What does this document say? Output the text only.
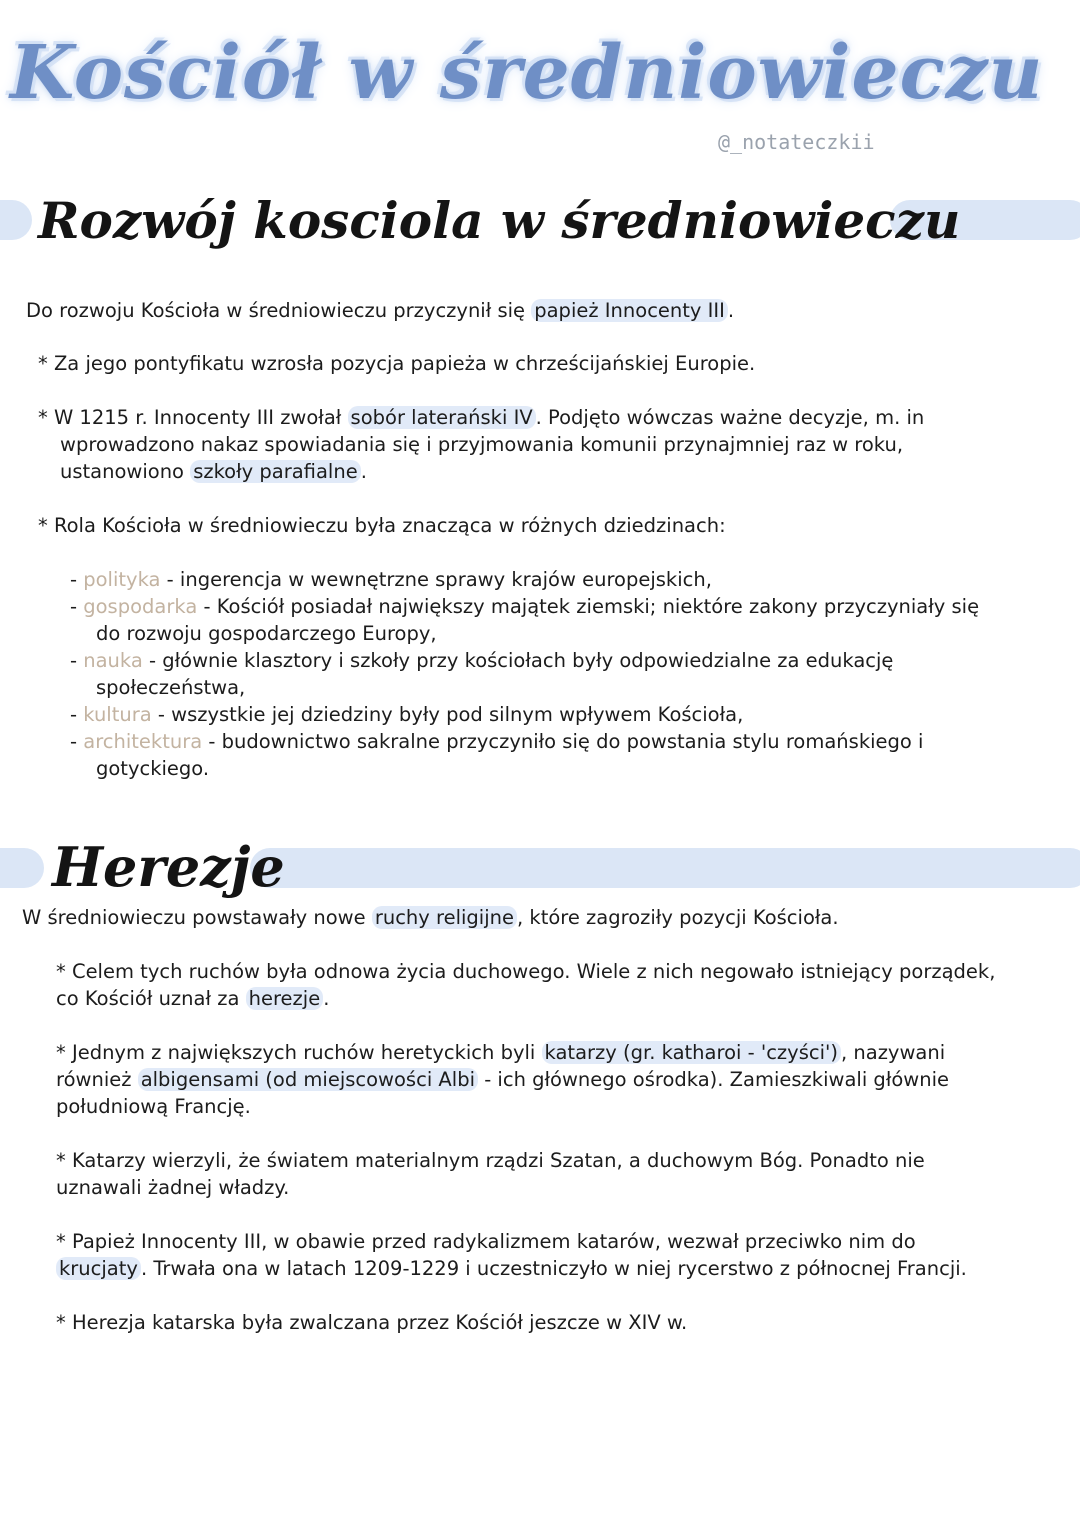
Kościół w średniowieczu
@_notateczkii
Rozwój kosciola w średniowieczu

Do rozwoju Kościoła w średniowieczu przyczynił się papież Innocenty III .

* Za jego pontyfikatu wzrosła pozycja papieża w chrześcijańskiej Europie.

* W 1215 r. Innocenty III zwołał sobór laterański IV . Podjęto wówczas ważne decyzje, m. in

wprowadzono nakaz spowiadania się i przyjmowania komunii przynajmniej raz w roku,

ustanowiono szkoły parafialne .

* Rola Kościoła w średniowieczu była znacząca w różnych dziedzinach:

- polityka - ingerencja w wewnętrzne sprawy krajów europejskich,

- gospodarka - Kościół posiadał największy majątek ziemski; niektóre zakony przyczyniały się

do rozwoju gospodarczego Europy,

- nauka - głównie klasztory i szkoły przy kościołach były odpowiedzialne za edukację

społeczeństwa,

- kultura - wszystkie jej dziedziny były pod silnym wpływem Kościoła,

- architektura - budownictwo sakralne przyczyniło się do powstania stylu romańskiego i

gotyckiego.

Herezje

W średniowieczu powstawały nowe ruchy religijne , które zagroziły pozycji Kościoła.

* Celem tych ruchów była odnowa życia duchowego. Wiele z nich negowało istniejący porządek,

co Kościół uznał za herezje .

* Jednym z największych ruchów heretyckich byli katarzy (gr. katharoi - 'czyści') , nazywani

również albigensami (od miejscowości Albi - ich głównego ośrodka). Zamieszkiwali głównie

południową Francję.

* Katarzy wierzyli, że światem materialnym rządzi Szatan, a duchowym Bóg. Ponadto nie

uznawali żadnej władzy.

* Papież Innocenty III, w obawie przed radykalizmem katarów, wezwał przeciwko nim do

krucjaty . Trwała ona w latach 1209-1229 i uczestniczyło w niej rycerstwo z północnej Francji.

* Herezja katarska była zwalczana przez Kościół jeszcze w XIV w.
